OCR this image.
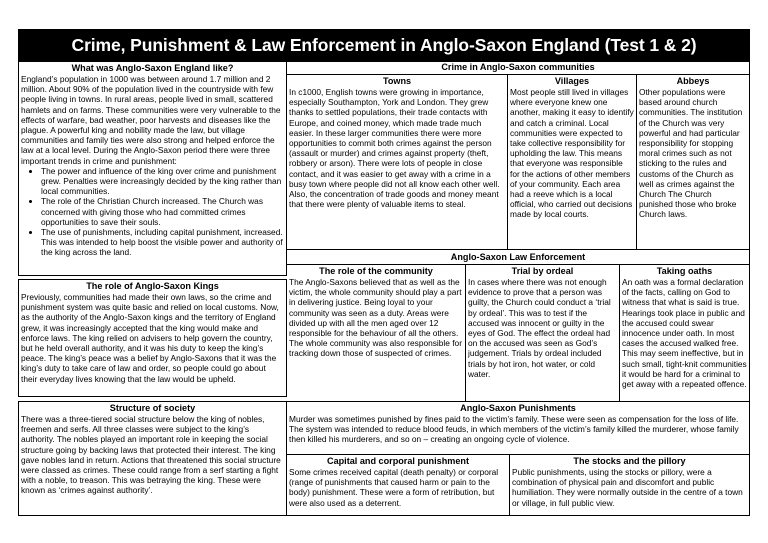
Crime, Punishment & Law Enforcement in Anglo-Saxon England (Test 1 & 2)
What was Anglo-Saxon England like?
England’s population in 1000 was between around 1.7 million and 2 million. About 90% of the population lived in the countryside with few people living in towns. In rural areas, people lived in small, scattered hamlets and on farms. These communities were very vulnerable to the effects of warfare, bad weather, poor harvests and diseases like the plague. A powerful king and nobility made the law, but village communities and family ties were also strong and helped enforce the law at a local level. During the Anglo-Saxon period there were three important trends in crime and punishment:
• The power and influence of the king over crime and punishment grew. Penalties were increasingly decided by the king rather than local communities.
• The role of the Christian Church increased. The Church was concerned with giving those who had committed crimes opportunities to save their souls.
• The use of punishments, including capital punishment, increased. This was intended to help boost the visible power and authority of the king across the land.
The role of Anglo-Saxon Kings
Previously, communities had made their own laws, so the crime and punishment system was quite basic and relied on local customs. Now, as the authority of the Anglo-Saxon kings and the territory of England grew, it was increasingly accepted that the king would make and enforce laws. The king relied on advisers to help govern the country, but he held overall authority, and it was his duty to keep the king’s peace. The king’s peace was a belief by Anglo-Saxons that it was the king’s duty to take care of law and order, so people could go about their everyday lives knowing that the law would be upheld.
Structure of society
There was a three-tiered social structure below the king of nobles, freemen and serfs. All three classes were subject to the king’s authority. The nobles played an important role in keeping the social structure going by backing laws that protected their interest. The king gave nobles land in return. Actions that threatened this social structure were classed as crimes. These could range from a serf starting a fight with a noble, to treason. This was betraying the king. These were known as ‘crimes against authority’.
Crime in Anglo-Saxon communities
Towns
In c1000, English towns were growing in importance, especially Southampton, York and London. They grew thanks to settled populations, their trade contacts with Europe, and coined money, which made trade much easier. In these larger communities there were more opportunities to commit both crimes against the person (assault or murder) and crimes against property (theft, robbery or arson). There were lots of people in close contact, and it was easier to get away with a crime in a busy town where people did not all know each other well. Also, the concentration of trade goods and money meant that there were plenty of valuable items to steal.
Villages
Most people still lived in villages where everyone knew one another, making it easy to identify and catch a criminal. Local communities were expected to take collective responsibility for upholding the law. This means that everyone was responsible for the actions of other members of your community. Each area had a reeve which is a local official, who carried out decisions made by local courts.
Abbeys
Other populations were based around church communities. The institution of the Church was very powerful and had particular responsibility for stopping moral crimes such as not sticking to the rules and customs of the Church as well as crimes against the Church The Church punished those who broke Church laws.
Anglo-Saxon Law Enforcement
The role of the community
The Anglo-Saxons believed that as well as the victim, the whole community should play a part in delivering justice. Being loyal to your community was seen as a duty. Areas were divided up with all the men aged over 12 responsible for the behaviour of all the others. The whole community was also responsible for tracking down those of suspected of crimes.
Trial by ordeal
In cases where there was not enough evidence to prove that a person was guilty, the Church could conduct a ‘trial by ordeal’. This was to test if the accused was innocent or guilty in the eyes of God. The effect the ordeal had on the accused was seen as God’s judgement. Trials by ordeal included trials by hot iron, hot water, or cold water.
Taking oaths
An oath was a formal declaration of the facts, calling on God to witness that what is said is true. Hearings took place in public and the accused could swear innocence under oath. In most cases the accused walked free. This may seem ineffective, but in such small, tight-knit communities it would be hard for a criminal to get away with a repeated offence.
Anglo-Saxon Punishments
Murder was sometimes punished by fines paid to the victim’s family. These were seen as compensation for the loss of life. The system was intended to reduce blood feuds, in which members of the victim’s family killed the murderer, whose family then killed his murderers, and so on – creating an ongoing cycle of violence.
Capital and corporal punishment
Some crimes received capital (death penalty) or corporal (range of punishments that caused harm or pain to the body) punishment. These were a form of retribution, but were also used as a deterrent.
The stocks and the pillory
Public punishments, using the stocks or pillory, were a combination of physical pain and discomfort and public humiliation. They were normally outside in the centre of a town or village, in full public view.
